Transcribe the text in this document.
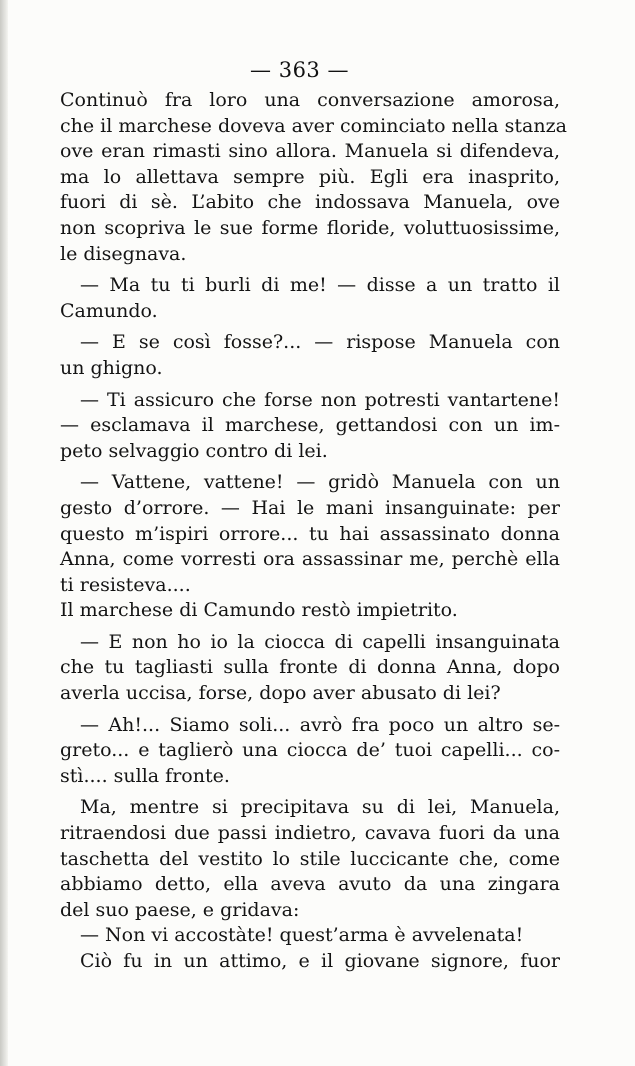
— 363 —
Continuò fra loro una conversazione amorosa,
che il marchese doveva aver cominciato nella stanza
ove eran rimasti sino allora. Manuela si difendeva,
ma lo allettava sempre più. Egli era inasprito,
fuori di sè. L’abito che indossava Manuela, ove
non scopriva le sue forme floride, voluttuosissime,
le disegnava.
— Ma tu ti burli di me! — disse a un tratto il
Camundo.
— E se così fosse?... — rispose Manuela con
un ghigno.
— Ti assicuro che forse non potresti vantartene!
— esclamava il marchese, gettandosi con un im-
peto selvaggio contro di lei.
— Vattene, vattene! — gridò Manuela con un
gesto d’orrore. — Hai le mani insanguinate: per
questo m’ispiri orrore... tu hai assassinato donna
Anna, come vorresti ora assassinar me, perchè ella
ti resisteva....
Il marchese di Camundo restò impietrito.
— E non ho io la ciocca di capelli insanguinata
che tu tagliasti sulla fronte di donna Anna, dopo
averla uccisa, forse, dopo aver abusato di lei?
— Ah!... Siamo soli... avrò fra poco un altro se-
greto... e taglierò una ciocca de’ tuoi capelli... co-
stì.... sulla fronte.
Ma, mentre si precipitava su di lei, Manuela,
ritraendosi due passi indietro, cavava fuori da una
taschetta del vestito lo stile luccicante che, come
abbiamo detto, ella aveva avuto da una zingara
del suo paese, e gridava:
— Non vi accostàte! quest’arma è avvelenata!
Ciò fu in un attimo, e il giovane signore, fuor
